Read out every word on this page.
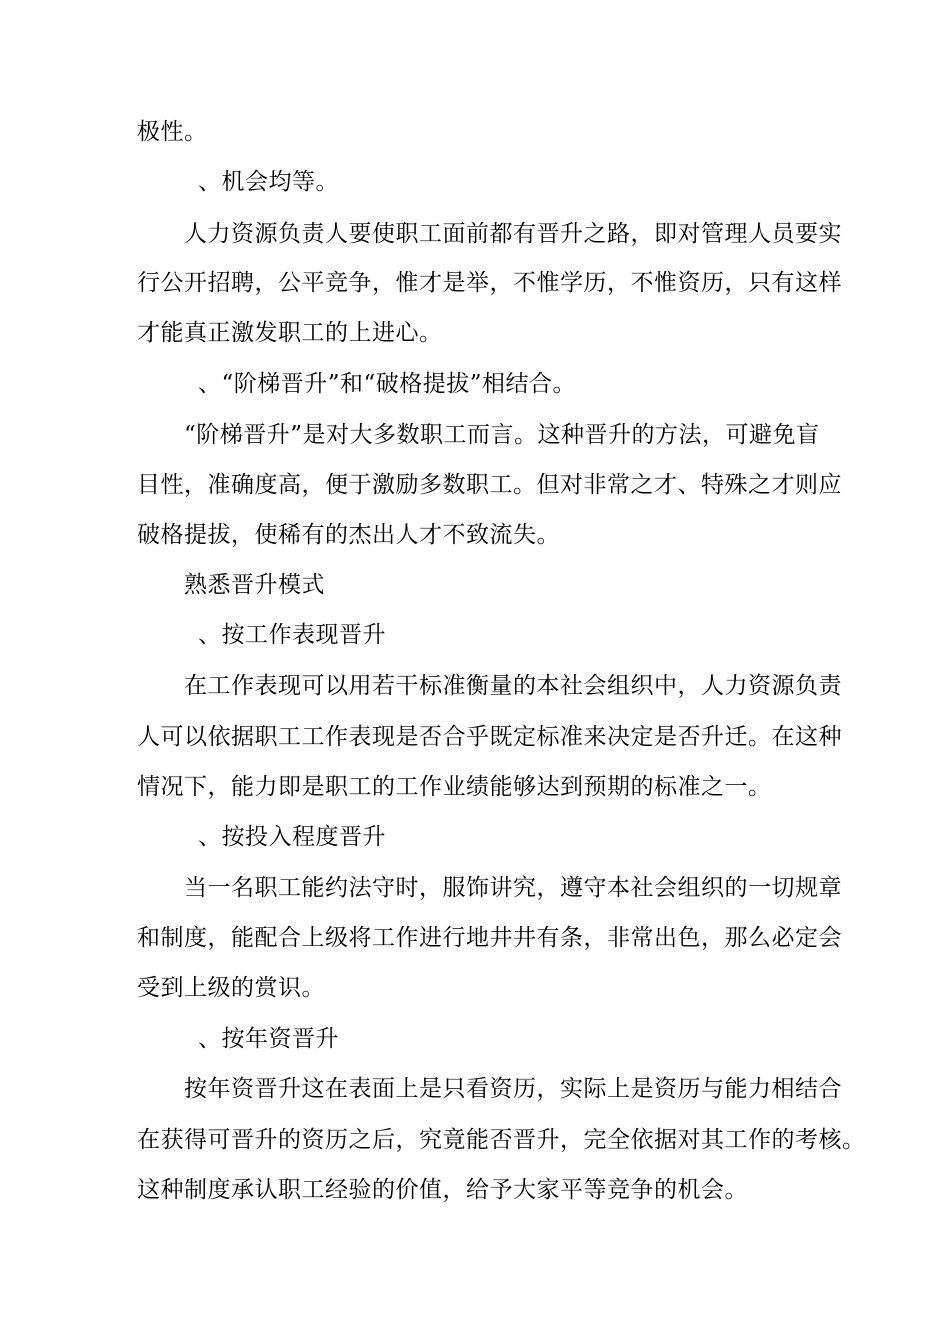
极性。
、机会均等。
人力资源负责人要使职工面前都有晋升之路，即对管理人员要实
行公开招聘，公平竞争，惟才是举，不惟学历，不惟资历，只有这样
才能真正激发职工的上进心。
、“阶梯晋升”和“破格提拔”相结合。
“阶梯晋升”是对大多数职工而言。这种晋升的方法，可避免盲
目性，准确度高，便于激励多数职工。但对非常之才、特殊之才则应
破格提拔，使稀有的杰出人才不致流失。
熟悉晋升模式
、按工作表现晋升
在工作表现可以用若干标准衡量的本社会组织中，人力资源负责
人可以依据职工工作表现是否合乎既定标准来决定是否升迁。在这种
情况下，能力即是职工的工作业绩能够达到预期的标准之一。
、按投入程度晋升
当一名职工能约法守时，服饰讲究，遵守本社会组织的一切规章
和制度，能配合上级将工作进行地井井有条，非常出色，那么必定会
受到上级的赏识。
、按年资晋升
按年资晋升这在表面上是只看资历，实际上是资历与能力相结合
在获得可晋升的资历之后，究竟能否晋升，完全依据对其工作的考核。
这种制度承认职工经验的价值，给予大家平等竞争的机会。
